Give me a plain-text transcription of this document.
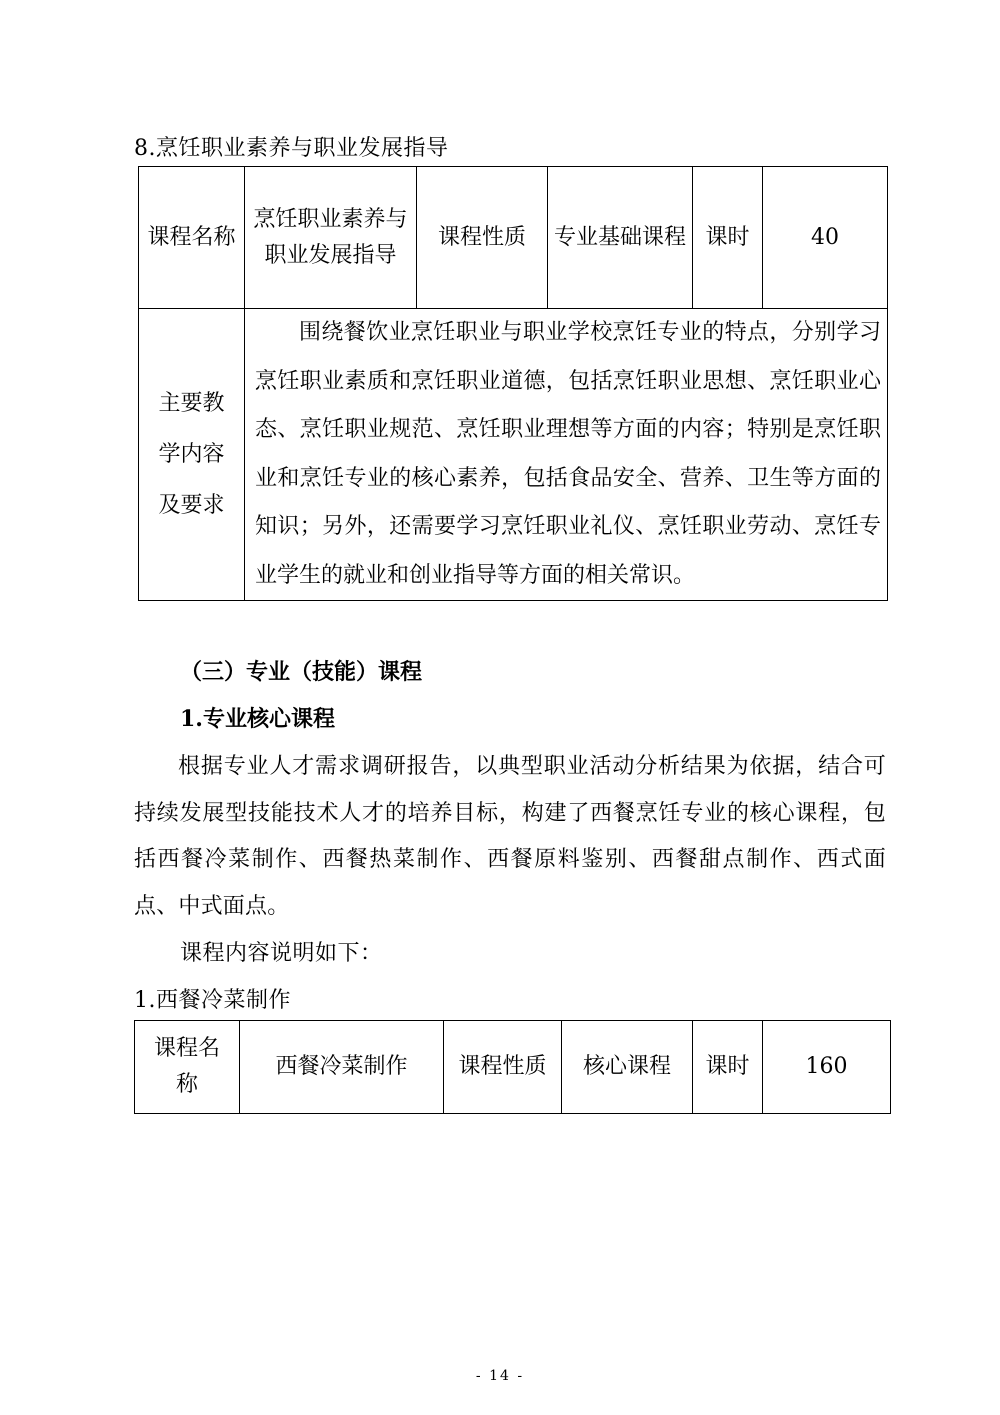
8.烹饪职业素养与职业发展指导
课程名称	烹饪职业素养与职业发展指导	课程性质	专业基础课程	课时	40
主要教学内容及要求	围绕餐饮业烹饪职业与职业学校烹饪专业的特点，分别学习烹饪职业素质和烹饪职业道德，包括烹饪职业思想、烹饪职业心态、烹饪职业规范、烹饪职业理想等方面的内容；特别是烹饪职业和烹饪专业的核心素养，包括食品安全、营养、卫生等方面的知识；另外，还需要学习烹饪职业礼仪、烹饪职业劳动、烹饪专业学生的就业和创业指导等方面的相关常识。				
（三）专业（技能）课程
1.专业核心课程
根据专业人才需求调研报告，以典型职业活动分析结果为依据，结合可持续发展型技能技术人才的培养目标，构建了西餐烹饪专业的核心课程，包括西餐冷菜制作、西餐热菜制作、西餐原料鉴别、西餐甜点制作、西式面点、中式面点。
课程内容说明如下：
1.西餐冷菜制作
课程名称	西餐冷菜制作	课程性质	核心课程	课时	160
- 14 -
